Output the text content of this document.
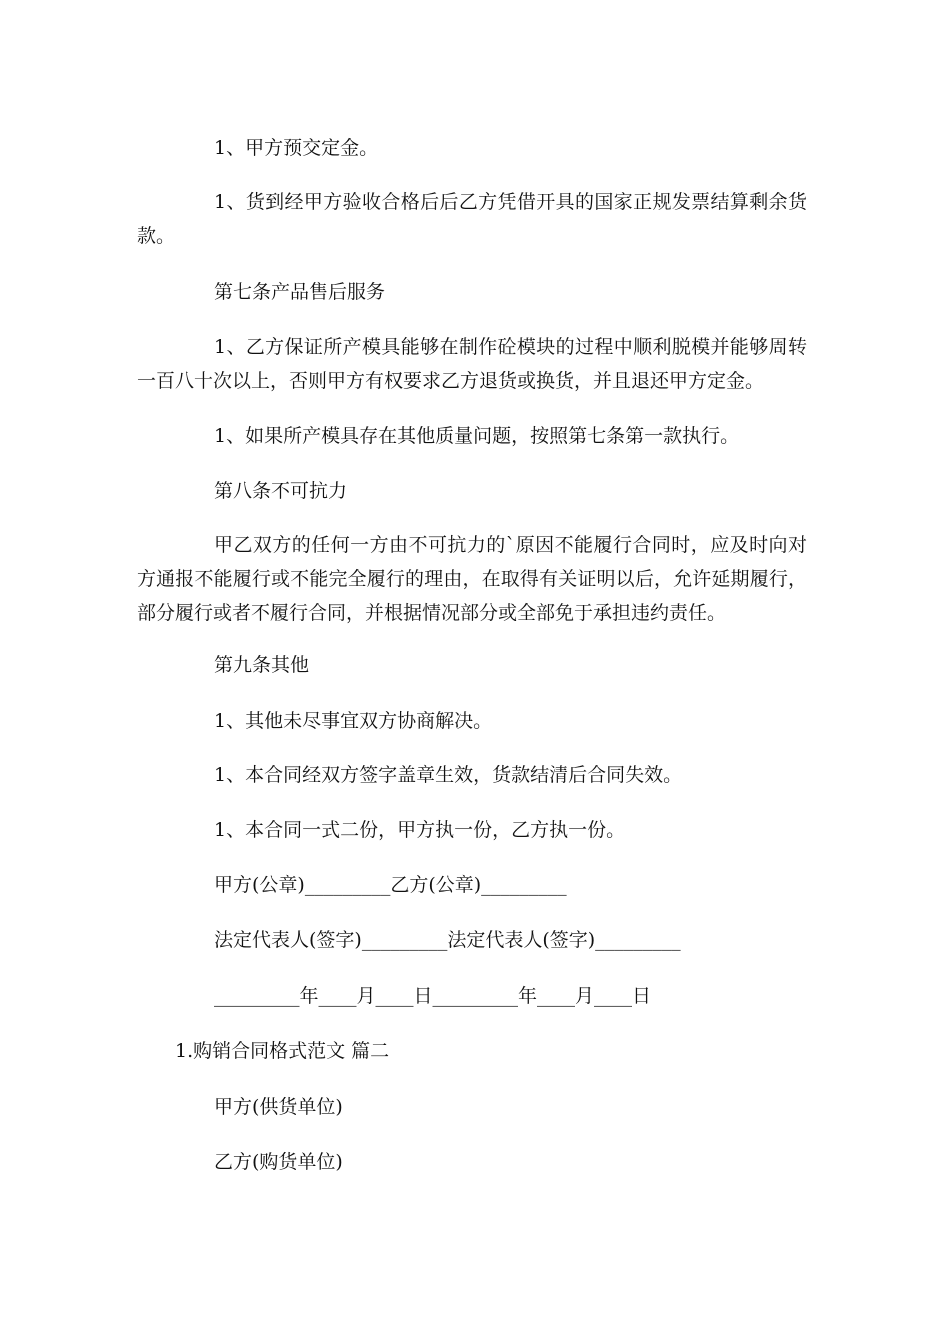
1、甲方预交定金。
1、货到经甲方验收合格后后乙方凭借开具的国家正规发票结算剩余货款。
第七条产品售后服务
1、乙方保证所产模具能够在制作砼模块的过程中顺利脱模并能够周转一百八十次以上，否则甲方有权要求乙方退货或换货，并且退还甲方定金。
1、如果所产模具存在其他质量问题，按照第七条第一款执行。
第八条不可抗力
甲乙双方的任何一方由不可抗力的`原因不能履行合同时，应及时向对方通报不能履行或不能完全履行的理由，在取得有关证明以后，允许延期履行，部分履行或者不履行合同，并根据情况部分或全部免于承担违约责任。
第九条其他
1、其他未尽事宜双方协商解决。
1、本合同经双方签字盖章生效，货款结清后合同失效。
1、本合同一式二份，甲方执一份，乙方执一份。
甲方(公章)_________乙方(公章)_________
法定代表人(签字)_________法定代表人(签字)_________
_________年____月____日_________年____月____日
1.购销合同格式范文 篇二
甲方(供货单位)
乙方(购货单位)
